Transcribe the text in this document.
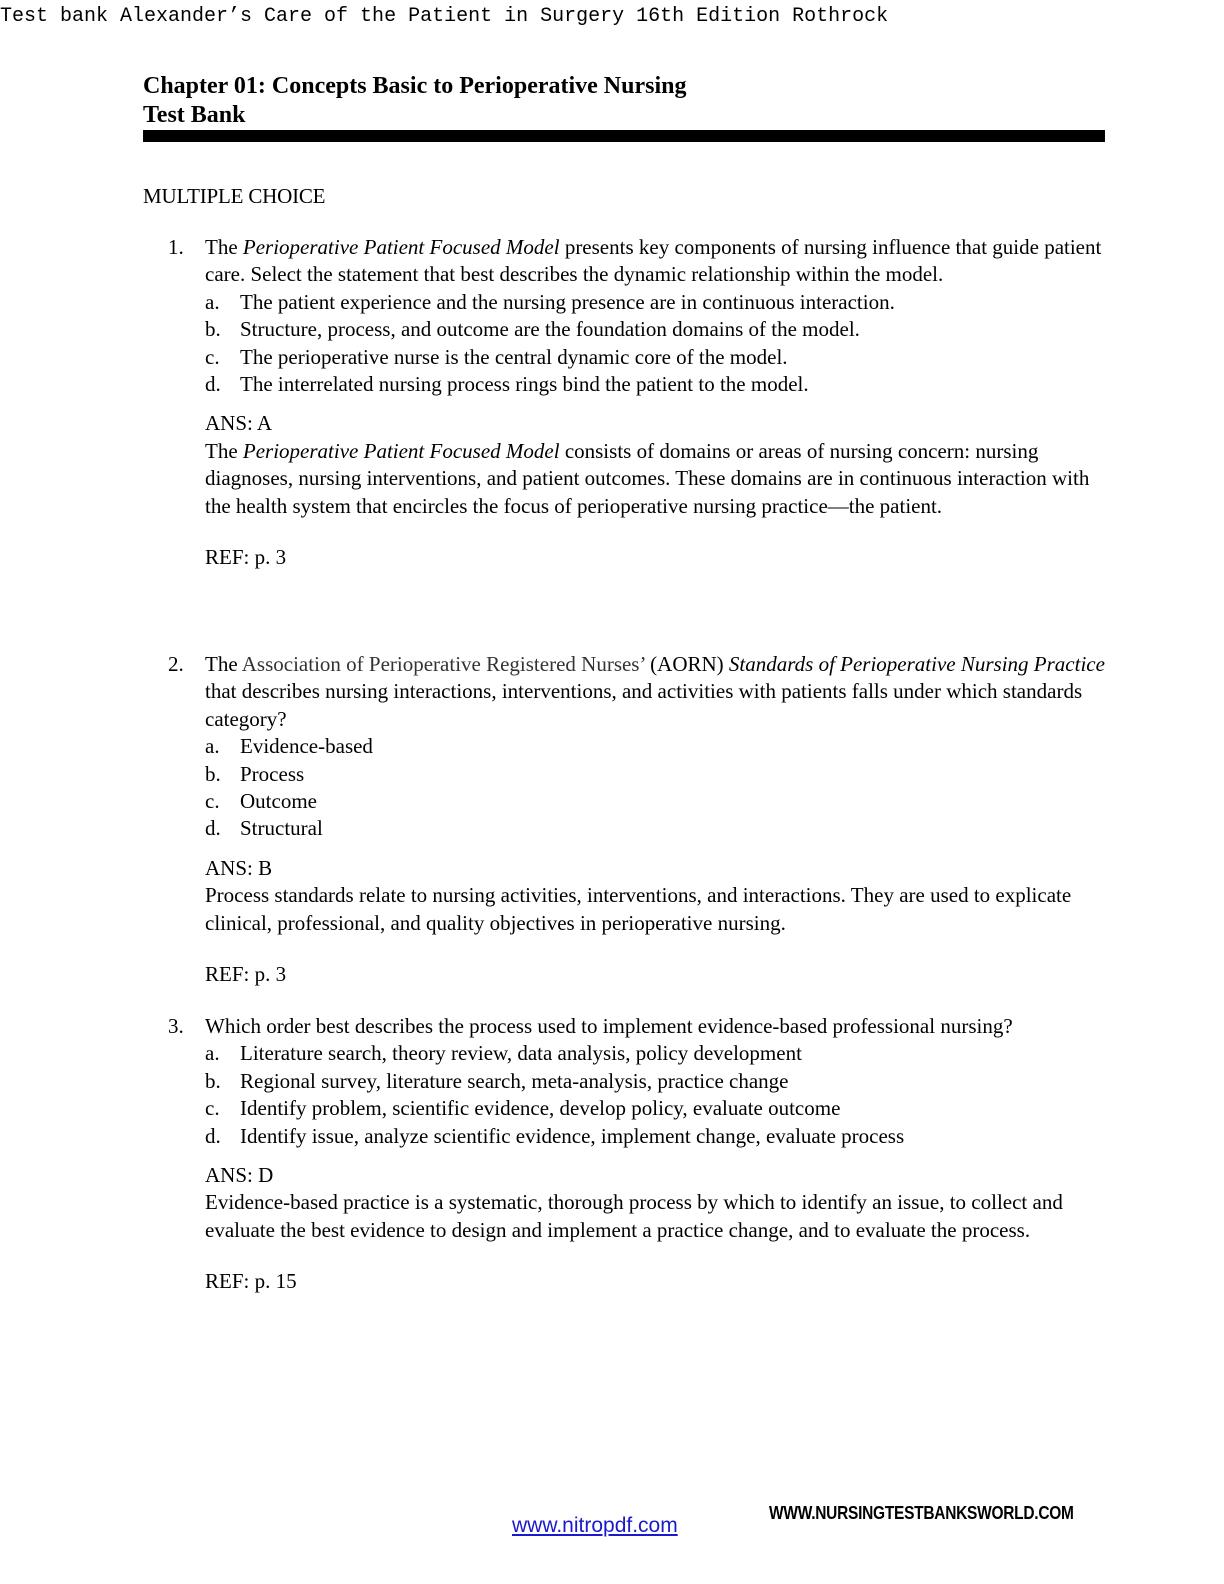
Test bank Alexander’s Care of the Patient in Surgery 16th Edition Rothrock
Chapter 01: Concepts Basic to Perioperative Nursing
Test Bank
MULTIPLE CHOICE
1.	The Perioperative Patient Focused Model presents key components of nursing influence that guide patient care. Select the statement that best describes the dynamic relationship within the model.
a. The patient experience and the nursing presence are in continuous interaction.
b. Structure, process, and outcome are the foundation domains of the model.
c. The perioperative nurse is the central dynamic core of the model.
d. The interrelated nursing process rings bind the patient to the model.
ANS: A
The Perioperative Patient Focused Model consists of domains or areas of nursing concern: nursing diagnoses, nursing interventions, and patient outcomes. These domains are in continuous interaction with the health system that encircles the focus of perioperative nursing practice—the patient.
REF: p. 3
2.	The Association of Perioperative Registered Nurses’ (AORN) Standards of Perioperative Nursing Practice that describes nursing interactions, interventions, and activities with patients falls under which standards category?
a. Evidence-based
b. Process
c. Outcome
d. Structural
ANS: B
Process standards relate to nursing activities, interventions, and interactions. They are used to explicate clinical, professional, and quality objectives in perioperative nursing.
REF: p. 3
3.	Which order best describes the process used to implement evidence-based professional nursing?
a. Literature search, theory review, data analysis, policy development
b. Regional survey, literature search, meta-analysis, practice change
c. Identify problem, scientific evidence, develop policy, evaluate outcome
d. Identify issue, analyze scientific evidence, implement change, evaluate process
ANS: D
Evidence-based practice is a systematic, thorough process by which to identify an issue, to collect and evaluate the best evidence to design and implement a practice change, and to evaluate the process.
REF: p. 15
www.nitropdf.com
WWW.NURSINGTESTBANKSWORLD.COM
